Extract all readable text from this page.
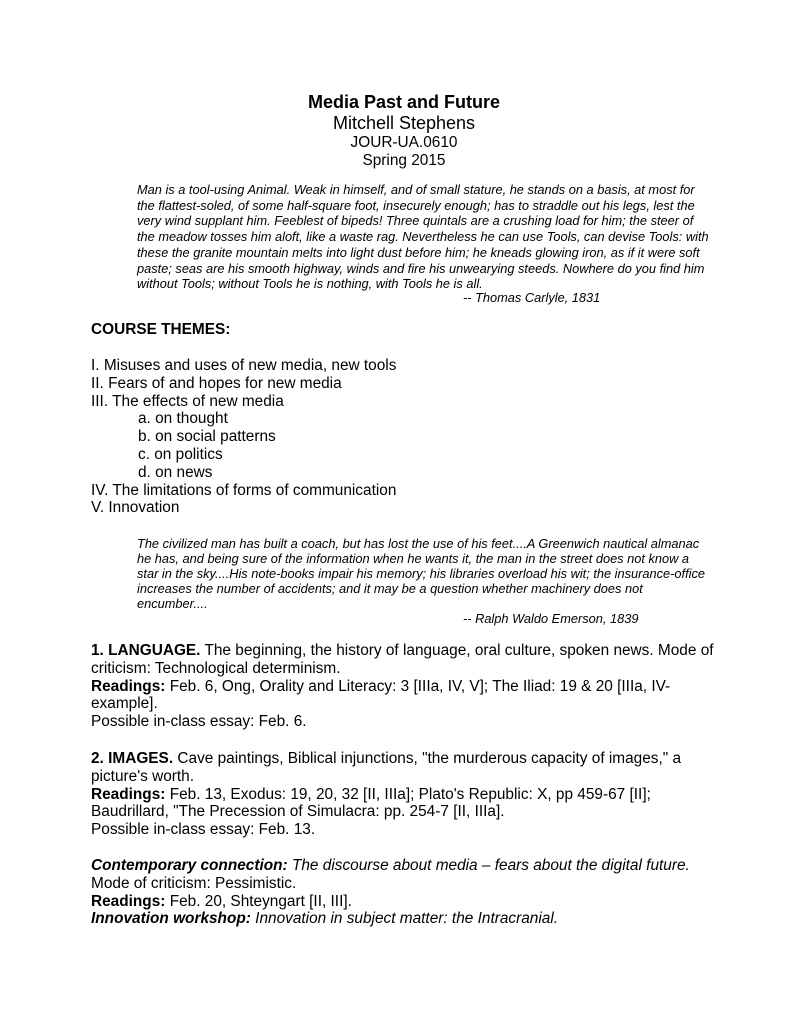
Media Past and Future
Mitchell Stephens
JOUR-UA.0610
Spring 2015
Man is a tool-using Animal. Weak in himself, and of small stature, he stands on a basis, at most for
the flattest-soled, of some half-square foot, insecurely enough; has to straddle out his legs, lest the
very wind supplant him. Feeblest of bipeds! Three quintals are a crushing load for him; the steer of
the meadow tosses him aloft, like a waste rag. Nevertheless he can use Tools, can devise Tools: with
these the granite mountain melts into light dust before him; he kneads glowing iron, as if it were soft
paste; seas are his smooth highway, winds and fire his unwearying steeds. Nowhere do you find him
without Tools; without Tools he is nothing, with Tools he is all.
-- Thomas Carlyle, 1831
COURSE THEMES:
I. Misuses and uses of new media, new tools
II. Fears of and hopes for new media
III. The effects of new media
a. on thought
b. on social patterns
c. on politics
d. on news
IV. The limitations of forms of communication
V. Innovation
The civilized man has built a coach, but has lost the use of his feet....A Greenwich nautical almanac
he has, and being sure of the information when he wants it, the man in the street does not know a
star in the sky....His note-books impair his memory; his libraries overload his wit; the insurance-office
increases the number of accidents; and it may be a question whether machinery does not
encumber....
-- Ralph Waldo Emerson, 1839
1. LANGUAGE. The beginning, the history of language, oral culture, spoken news. Mode of
criticism: Technological determinism.
Readings: Feb. 6, Ong, Orality and Literacy: 3 [IIIa, IV, V]; The Iliad: 19 & 20 [IIIa, IV-
example].
Possible in-class essay: Feb. 6.
2. IMAGES. Cave paintings, Biblical injunctions, "the murderous capacity of images," a
picture's worth.
Readings: Feb. 13, Exodus: 19, 20, 32 [II, IIIa]; Plato's Republic: X, pp 459-67 [II];
Baudrillard, "The Precession of Simulacra: pp. 254-7 [II, IIIa].
Possible in-class essay: Feb. 13.
Contemporary connection: The discourse about media – fears about the digital future.
Mode of criticism: Pessimistic.
Readings: Feb. 20, Shteyngart [II, III].
Innovation workshop: Innovation in subject matter: the Intracranial.
